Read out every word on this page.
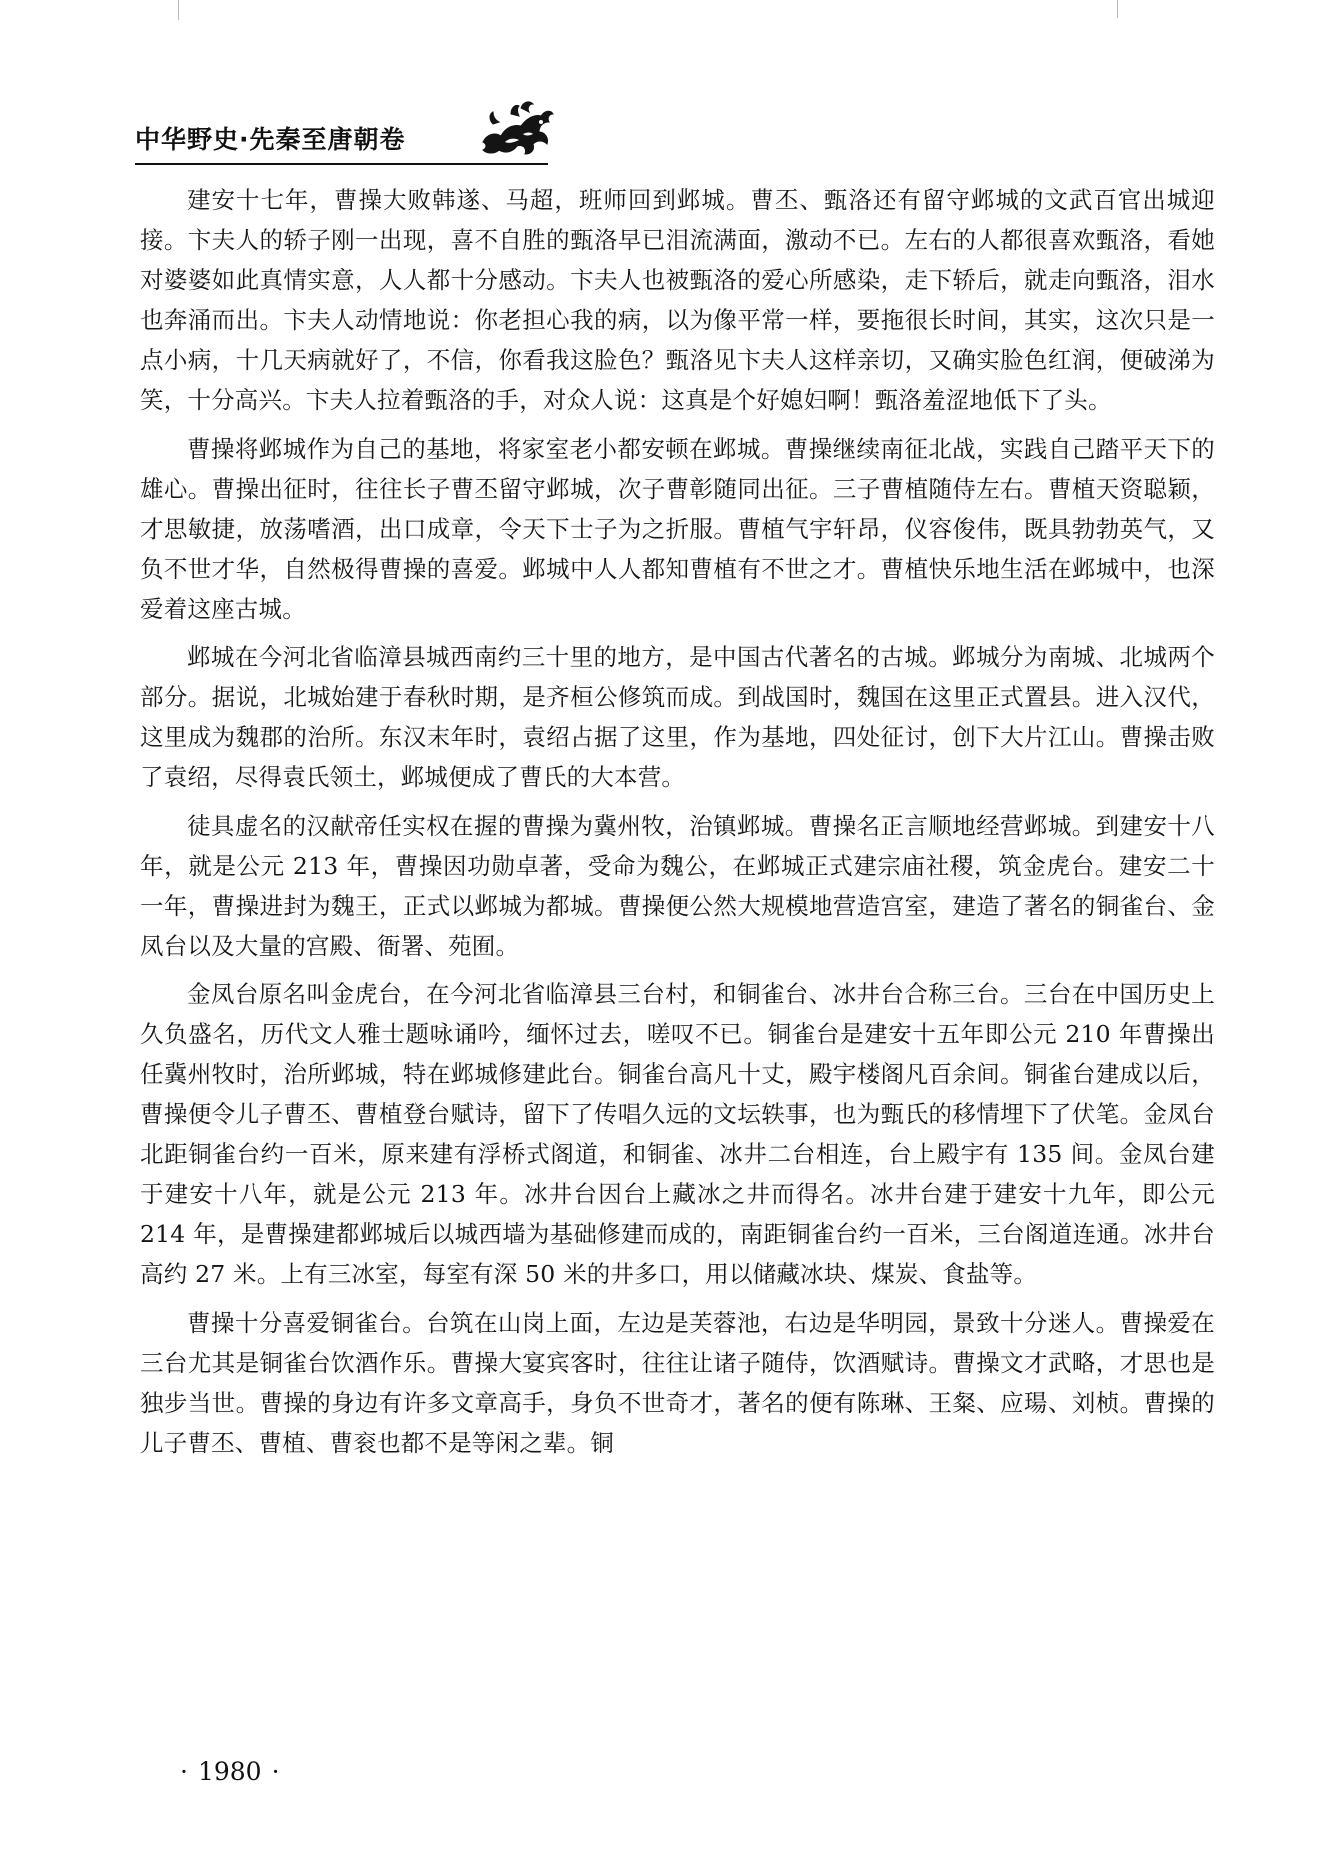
中华野史·先秦至唐朝卷

建安十七年，曹操大败韩遂、马超，班师回到邺城。曹丕、甄洛还有留守邺城的文武百官出城迎接。卞夫人的轿子刚一出现，喜不自胜的甄洛早已泪流满面，激动不已。左右的人都很喜欢甄洛，看她对婆婆如此真情实意，人人都十分感动。卞夫人也被甄洛的爱心所感染，走下轿后，就走向甄洛，泪水也奔涌而出。卞夫人动情地说：你老担心我的病，以为像平常一样，要拖很长时间，其实，这次只是一点小病，十几天病就好了，不信，你看我这脸色？甄洛见卞夫人这样亲切，又确实脸色红润，便破涕为笑，十分高兴。卞夫人拉着甄洛的手，对众人说：这真是个好媳妇啊！甄洛羞涩地低下了头。

曹操将邺城作为自己的基地，将家室老小都安顿在邺城。曹操继续南征北战，实践自己踏平天下的雄心。曹操出征时，往往长子曹丕留守邺城，次子曹彰随同出征。三子曹植随侍左右。曹植天资聪颖，才思敏捷，放荡嗜酒，出口成章，令天下士子为之折服。曹植气宇轩昂，仪容俊伟，既具勃勃英气，又负不世才华，自然极得曹操的喜爱。邺城中人人都知曹植有不世之才。曹植快乐地生活在邺城中，也深爱着这座古城。

邺城在今河北省临漳县城西南约三十里的地方，是中国古代著名的古城。邺城分为南城、北城两个部分。据说，北城始建于春秋时期，是齐桓公修筑而成。到战国时，魏国在这里正式置县。进入汉代，这里成为魏郡的治所。东汉末年时，袁绍占据了这里，作为基地，四处征讨，创下大片江山。曹操击败了袁绍，尽得袁氏领土，邺城便成了曹氏的大本营。

徒具虚名的汉献帝任实权在握的曹操为冀州牧，治镇邺城。曹操名正言顺地经营邺城。到建安十八年，就是公元 213 年，曹操因功勋卓著，受命为魏公，在邺城正式建宗庙社稷，筑金虎台。建安二十一年，曹操进封为魏王，正式以邺城为都城。曹操便公然大规模地营造宫室，建造了著名的铜雀台、金凤台以及大量的宫殿、衙署、苑囿。

金凤台原名叫金虎台，在今河北省临漳县三台村，和铜雀台、冰井台合称三台。三台在中国历史上久负盛名，历代文人雅士题咏诵吟，缅怀过去，嗟叹不已。铜雀台是建安十五年即公元 210 年曹操出任冀州牧时，治所邺城，特在邺城修建此台。铜雀台高凡十丈，殿宇楼阁凡百余间。铜雀台建成以后，曹操便令儿子曹丕、曹植登台赋诗，留下了传唱久远的文坛轶事，也为甄氏的移情埋下了伏笔。金凤台北距铜雀台约一百米，原来建有浮桥式阁道，和铜雀、冰井二台相连，台上殿宇有 135 间。金凤台建于建安十八年，就是公元 213 年。冰井台因台上藏冰之井而得名。冰井台建于建安十九年，即公元 214 年，是曹操建都邺城后以城西墙为基础修建而成的，南距铜雀台约一百米，三台阁道连通。冰井台高约 27 米。上有三冰室，每室有深 50 米的井多口，用以储藏冰块、煤炭、食盐等。

曹操十分喜爱铜雀台。台筑在山岗上面，左边是芙蓉池，右边是华明园，景致十分迷人。曹操爱在三台尤其是铜雀台饮酒作乐。曹操大宴宾客时，往往让诸子随侍，饮酒赋诗。曹操文才武略，才思也是独步当世。曹操的身边有许多文章高手，身负不世奇才，著名的便有陈琳、王粲、应瑒、刘桢。曹操的儿子曹丕、曹植、曹衮也都不是等闲之辈。铜

· 1980 ·
